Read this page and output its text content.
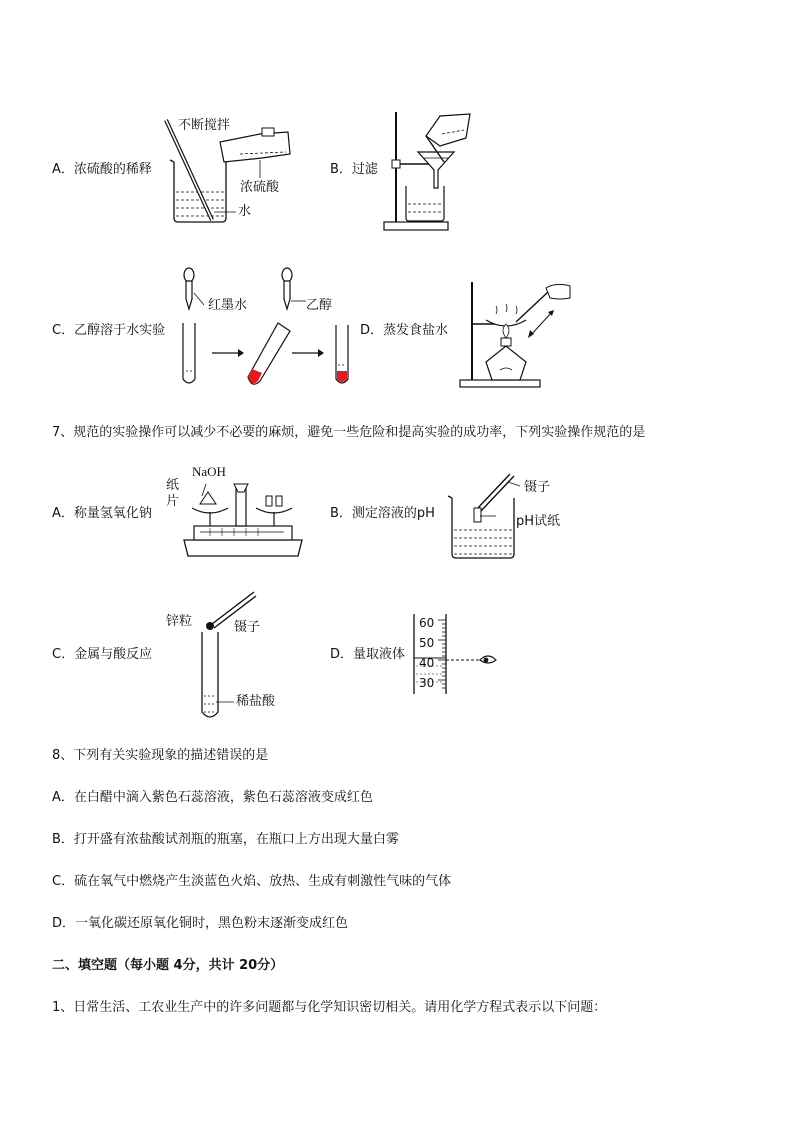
A．浓硫酸的稀释
不断搅拌
浓硫酸
水
B．过滤
C．乙醇溶于水实验
红墨水	乙醇
D．蒸发食盐水
7、规范的实验操作可以减少不必要的麻烦，避免一些危险和提高实验的成功率，下列实验操作规范的是
A．称量氢氧化钠
NaOH
纸
片
B．测定溶液的pH
镊子
pH试纸
C．金属与酸反应
锌粒	镊子
稀盐酸
D．量取液体
60
50
40
30
8、下列有关实验现象的描述错误的是
A．在白醋中滴入紫色石蕊溶液，紫色石蕊溶液变成红色
B．打开盛有浓盐酸试剂瓶的瓶塞，在瓶口上方出现大量白雾
C．硫在氧气中燃烧产生淡蓝色火焰、放热、生成有刺激性气味的气体
D．一氧化碳还原氧化铜时，黑色粉末逐渐变成红色
二、填空题（每小题 4分，共计 20分）
1、日常生活、工农业生产中的许多问题都与化学知识密切相关。请用化学方程式表示以下问题：
